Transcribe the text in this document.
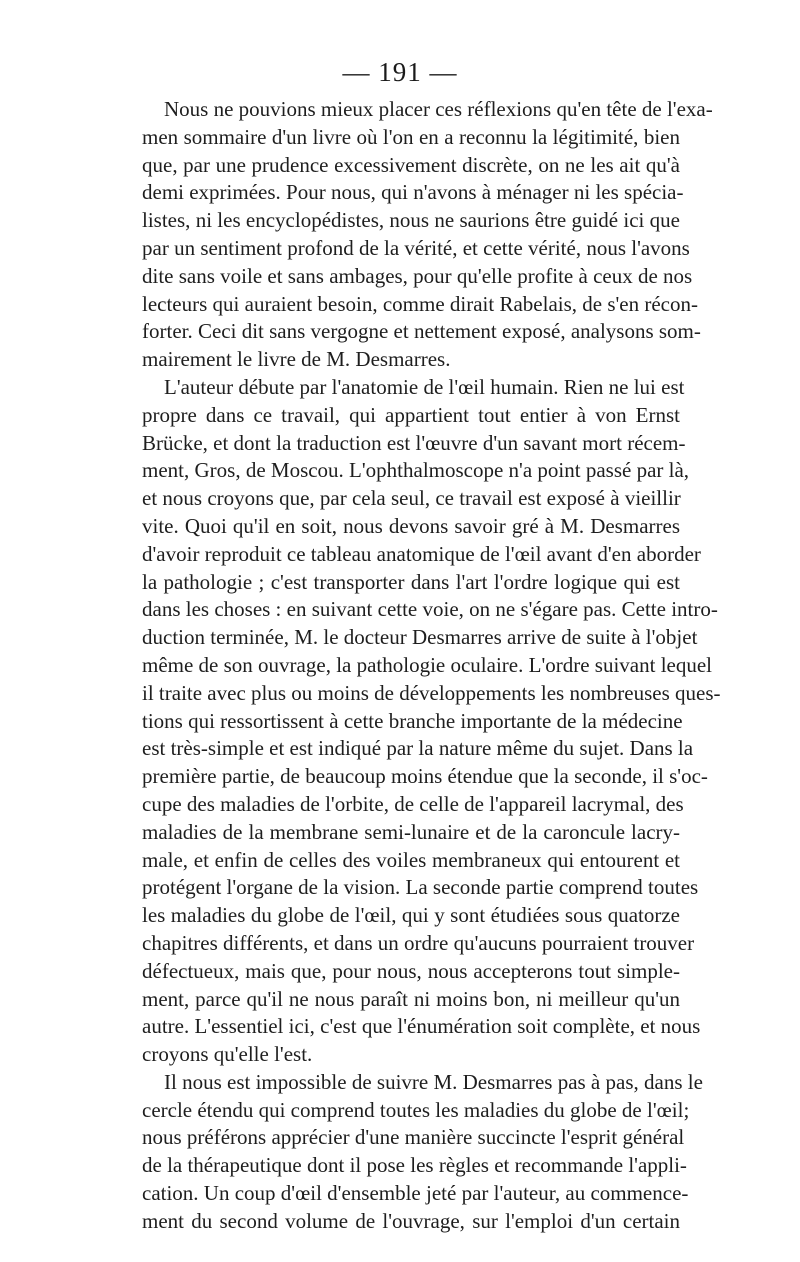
— 191 —
Nous ne pouvions mieux placer ces réflexions qu'en tête de l'exa-
men sommaire d'un livre où l'on en a reconnu la légitimité, bien
que, par une prudence excessivement discrète, on ne les ait qu'à
demi exprimées. Pour nous, qui n'avons à ménager ni les spécia-
listes, ni les encyclopédistes, nous ne saurions être guidé ici que
par un sentiment profond de la vérité, et cette vérité, nous l'avons
dite sans voile et sans ambages, pour qu'elle profite à ceux de nos
lecteurs qui auraient besoin, comme dirait Rabelais, de s'en récon-
forter. Ceci dit sans vergogne et nettement exposé, analysons som-
mairement le livre de M. Desmarres.
L'auteur débute par l'anatomie de l'œil humain. Rien ne lui est
propre dans ce travail, qui appartient tout entier à von Ernst
Brücke, et dont la traduction est l'œuvre d'un savant mort récem-
ment, Gros, de Moscou. L'ophthalmoscope n'a point passé par là,
et nous croyons que, par cela seul, ce travail est exposé à vieillir
vite. Quoi qu'il en soit, nous devons savoir gré à M. Desmarres
d'avoir reproduit ce tableau anatomique de l'œil avant d'en aborder
la pathologie ; c'est transporter dans l'art l'ordre logique qui est
dans les choses : en suivant cette voie, on ne s'égare pas. Cette intro-
duction terminée, M. le docteur Desmarres arrive de suite à l'objet
même de son ouvrage, la pathologie oculaire. L'ordre suivant lequel
il traite avec plus ou moins de développements les nombreuses ques-
tions qui ressortissent à cette branche importante de la médecine
est très-simple et est indiqué par la nature même du sujet. Dans la
première partie, de beaucoup moins étendue que la seconde, il s'oc-
cupe des maladies de l'orbite, de celle de l'appareil lacrymal, des
maladies de la membrane semi-lunaire et de la caroncule lacry-
male, et enfin de celles des voiles membraneux qui entourent et
protégent l'organe de la vision. La seconde partie comprend toutes
les maladies du globe de l'œil, qui y sont étudiées sous quatorze
chapitres différents, et dans un ordre qu'aucuns pourraient trouver
défectueux, mais que, pour nous, nous accepterons tout simple-
ment, parce qu'il ne nous paraît ni moins bon, ni meilleur qu'un
autre. L'essentiel ici, c'est que l'énumération soit complète, et nous
croyons qu'elle l'est.
Il nous est impossible de suivre M. Desmarres pas à pas, dans le
cercle étendu qui comprend toutes les maladies du globe de l'œil;
nous préférons apprécier d'une manière succincte l'esprit général
de la thérapeutique dont il pose les règles et recommande l'appli-
cation. Un coup d'œil d'ensemble jeté par l'auteur, au commence-
ment du second volume de l'ouvrage, sur l'emploi d'un certain
